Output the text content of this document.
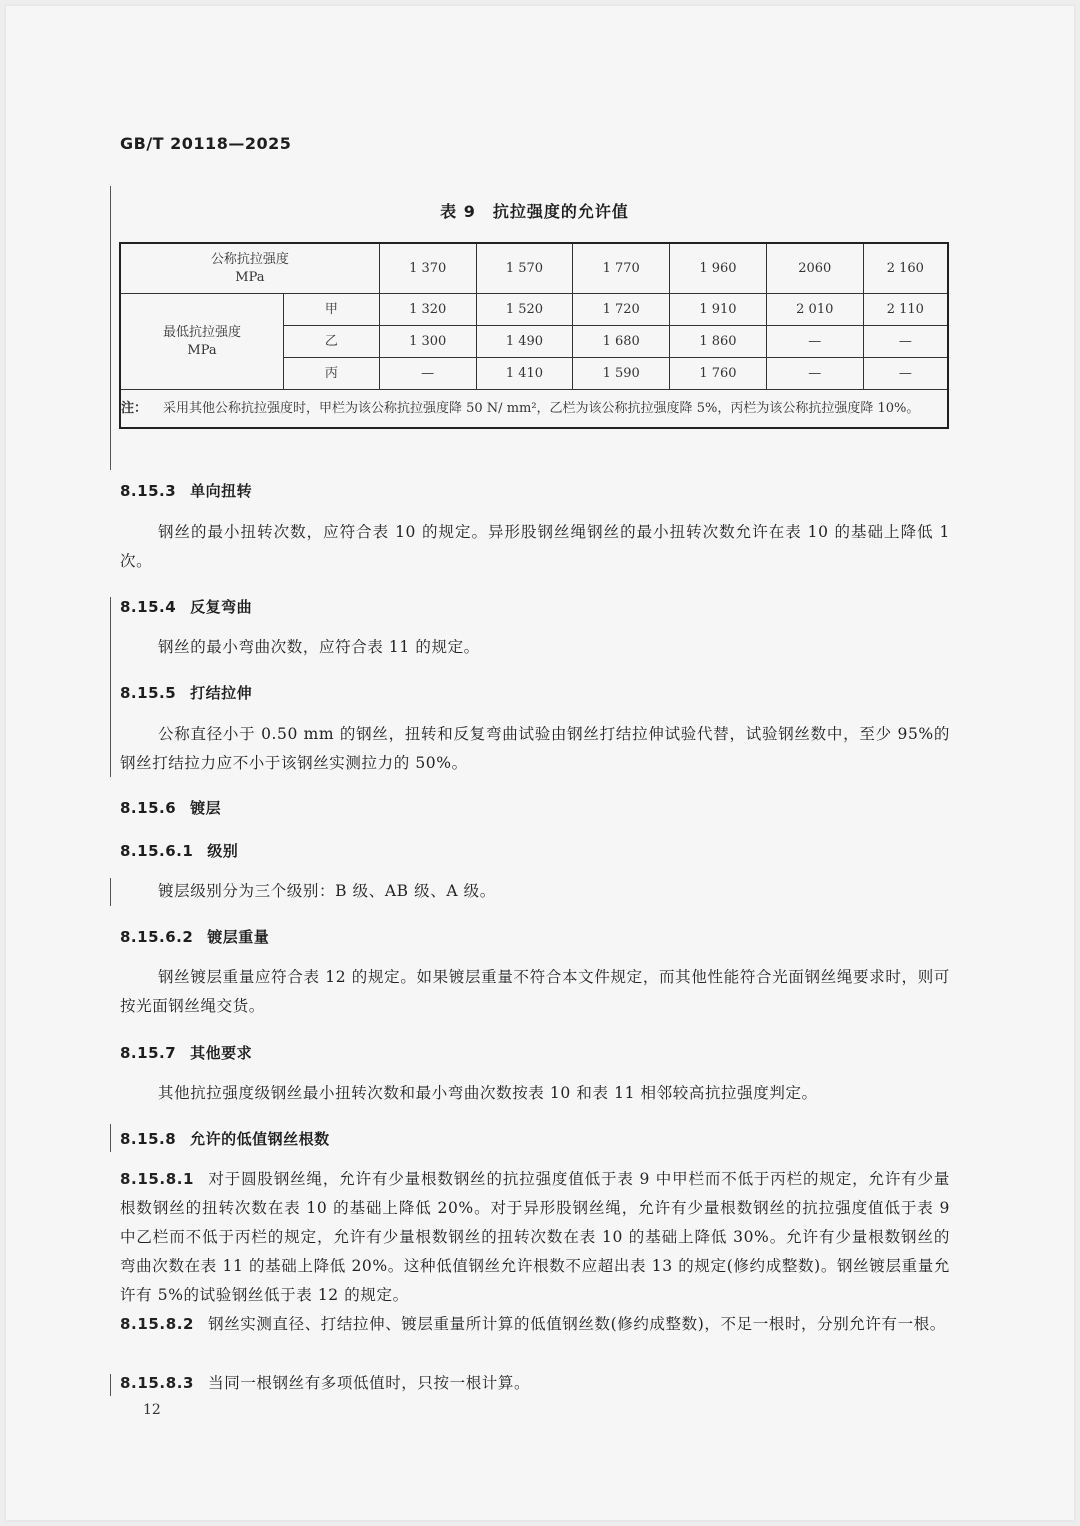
GB/T 20118—2025
表 9　抗拉强度的允许值
公称抗拉强度
MPa		1 370	1 570	1 770	1 960	2060	2 160

最低抗拉强度
MPa	甲	1 320	1 520	1 720	1 910	2 010	2 110
	乙	1 300	1 490	1 680	1 860	—	—
	丙	—	1 410	1 590	1 760	—	—

注： 采用其他公称抗拉强度时，甲栏为该公称抗拉强度降 50 N/ mm²，乙栏为该公称抗拉强度降 5%，丙栏为该公称抗拉强度降 10%。							
8.15.3 单向扭转
钢丝的最小扭转次数，应符合表 10 的规定。异形股钢丝绳钢丝的最小扭转次数允许在表 10 的基础上降低 1 次。
8.15.4 反复弯曲
钢丝的最小弯曲次数，应符合表 11 的规定。
8.15.5 打结拉伸
公称直径小于 0.50 mm 的钢丝，扭转和反复弯曲试验由钢丝打结拉伸试验代替，试验钢丝数中，至少 95%的钢丝打结拉力应不小于该钢丝实测拉力的 50%。
8.15.6 镀层
8.15.6.1 级别
镀层级别分为三个级别：B 级、AB 级、A 级。
8.15.6.2 镀层重量
钢丝镀层重量应符合表 12 的规定。如果镀层重量不符合本文件规定，而其他性能符合光面钢丝绳要求时，则可按光面钢丝绳交货。
8.15.7 其他要求
其他抗拉强度级钢丝最小扭转次数和最小弯曲次数按表 10 和表 11 相邻较高抗拉强度判定。
8.15.8 允许的低值钢丝根数
8.15.8.1 对于圆股钢丝绳，允许有少量根数钢丝的抗拉强度值低于表 9 中甲栏而不低于丙栏的规定，允许有少量根数钢丝的扭转次数在表 10 的基础上降低 20%。对于异形股钢丝绳，允许有少量根数钢丝的抗拉强度值低于表 9 中乙栏而不低于丙栏的规定，允许有少量根数钢丝的扭转次数在表 10 的基础上降低 30%。允许有少量根数钢丝的弯曲次数在表 11 的基础上降低 20%。这种低值钢丝允许根数不应超出表 13 的规定(修约成整数)。钢丝镀层重量允许有 5%的试验钢丝低于表 12 的规定。
8.15.8.2 钢丝实测直径、打结拉伸、镀层重量所计算的低值钢丝数(修约成整数)，不足一根时，分别允许有一根。
8.15.8.3 当同一根钢丝有多项低值时，只按一根计算。
12
